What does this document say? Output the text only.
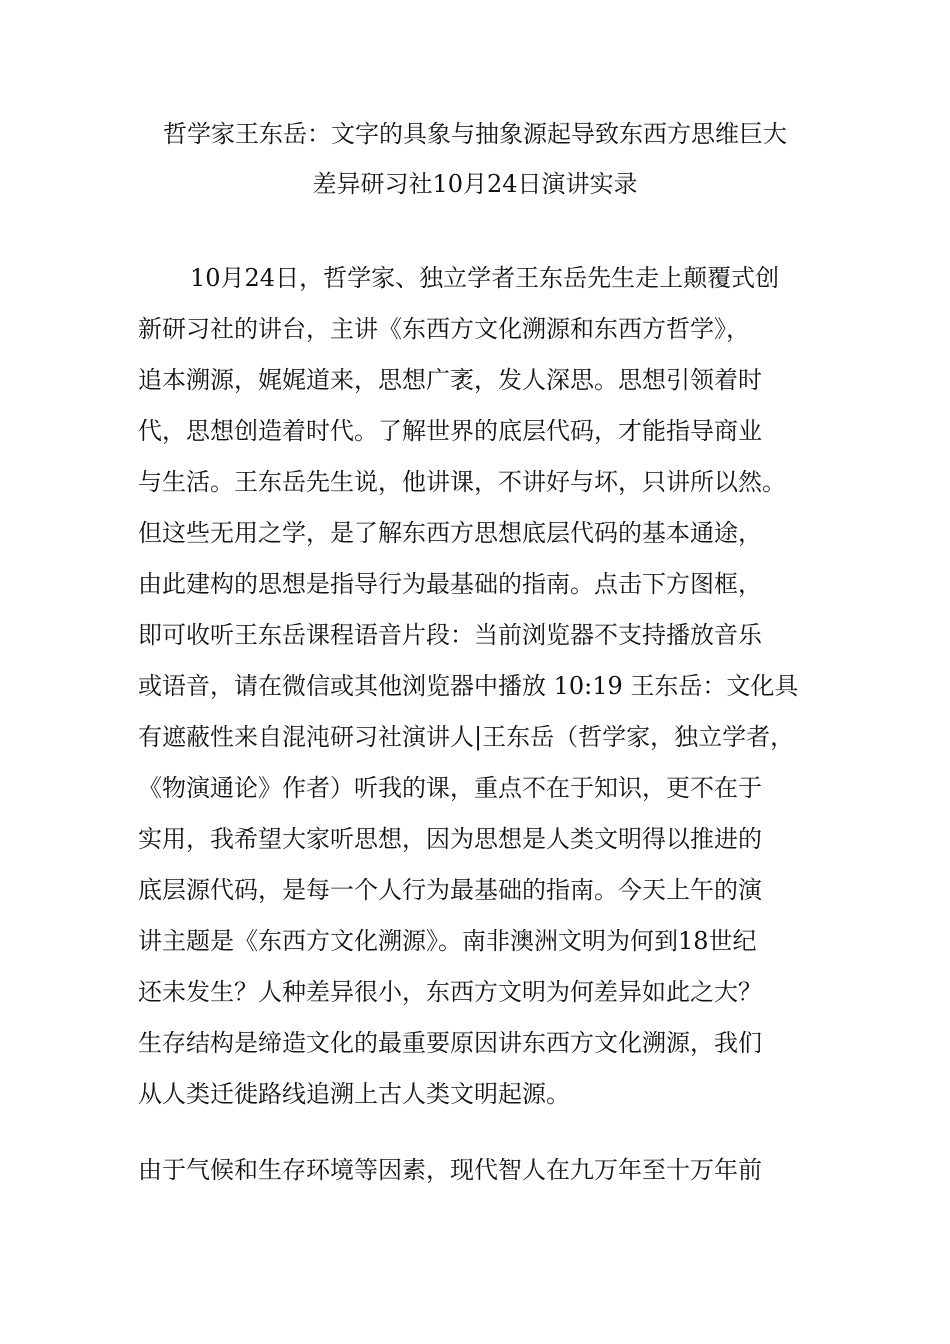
哲学家王东岳：文字的具象与抽象源起导致东西方思维巨大
差异研习社10月24日演讲实录
10月24日，哲学家、独立学者王东岳先生走上颠覆式创
新研习社的讲台，主讲《东西方文化溯源和东西方哲学》，
追本溯源，娓娓道来，思想广袤，发人深思。思想引领着时
代，思想创造着时代。了解世界的底层代码，才能指导商业
与生活。王东岳先生说，他讲课，不讲好与坏，只讲所以然。
但这些无用之学，是了解东西方思想底层代码的基本通途，
由此建构的思想是指导行为最基础的指南。点击下方图框，
即可收听王东岳课程语音片段：当前浏览器不支持播放音乐
或语音，请在微信或其他浏览器中播放 10:19 王东岳：文化具
有遮蔽性来自混沌研习社演讲人|王东岳（哲学家，独立学者，
《物演通论》作者）听我的课，重点不在于知识，更不在于
实用，我希望大家听思想，因为思想是人类文明得以推进的
底层源代码，是每一个人行为最基础的指南。今天上午的演
讲主题是《东西方文化溯源》。南非澳洲文明为何到18世纪
还未发生？人种差异很小，东西方文明为何差异如此之大？
生存结构是缔造文化的最重要原因讲东西方文化溯源，我们
从人类迁徙路线追溯上古人类文明起源。
由于气候和生存环境等因素，现代智人在九万年至十万年前
